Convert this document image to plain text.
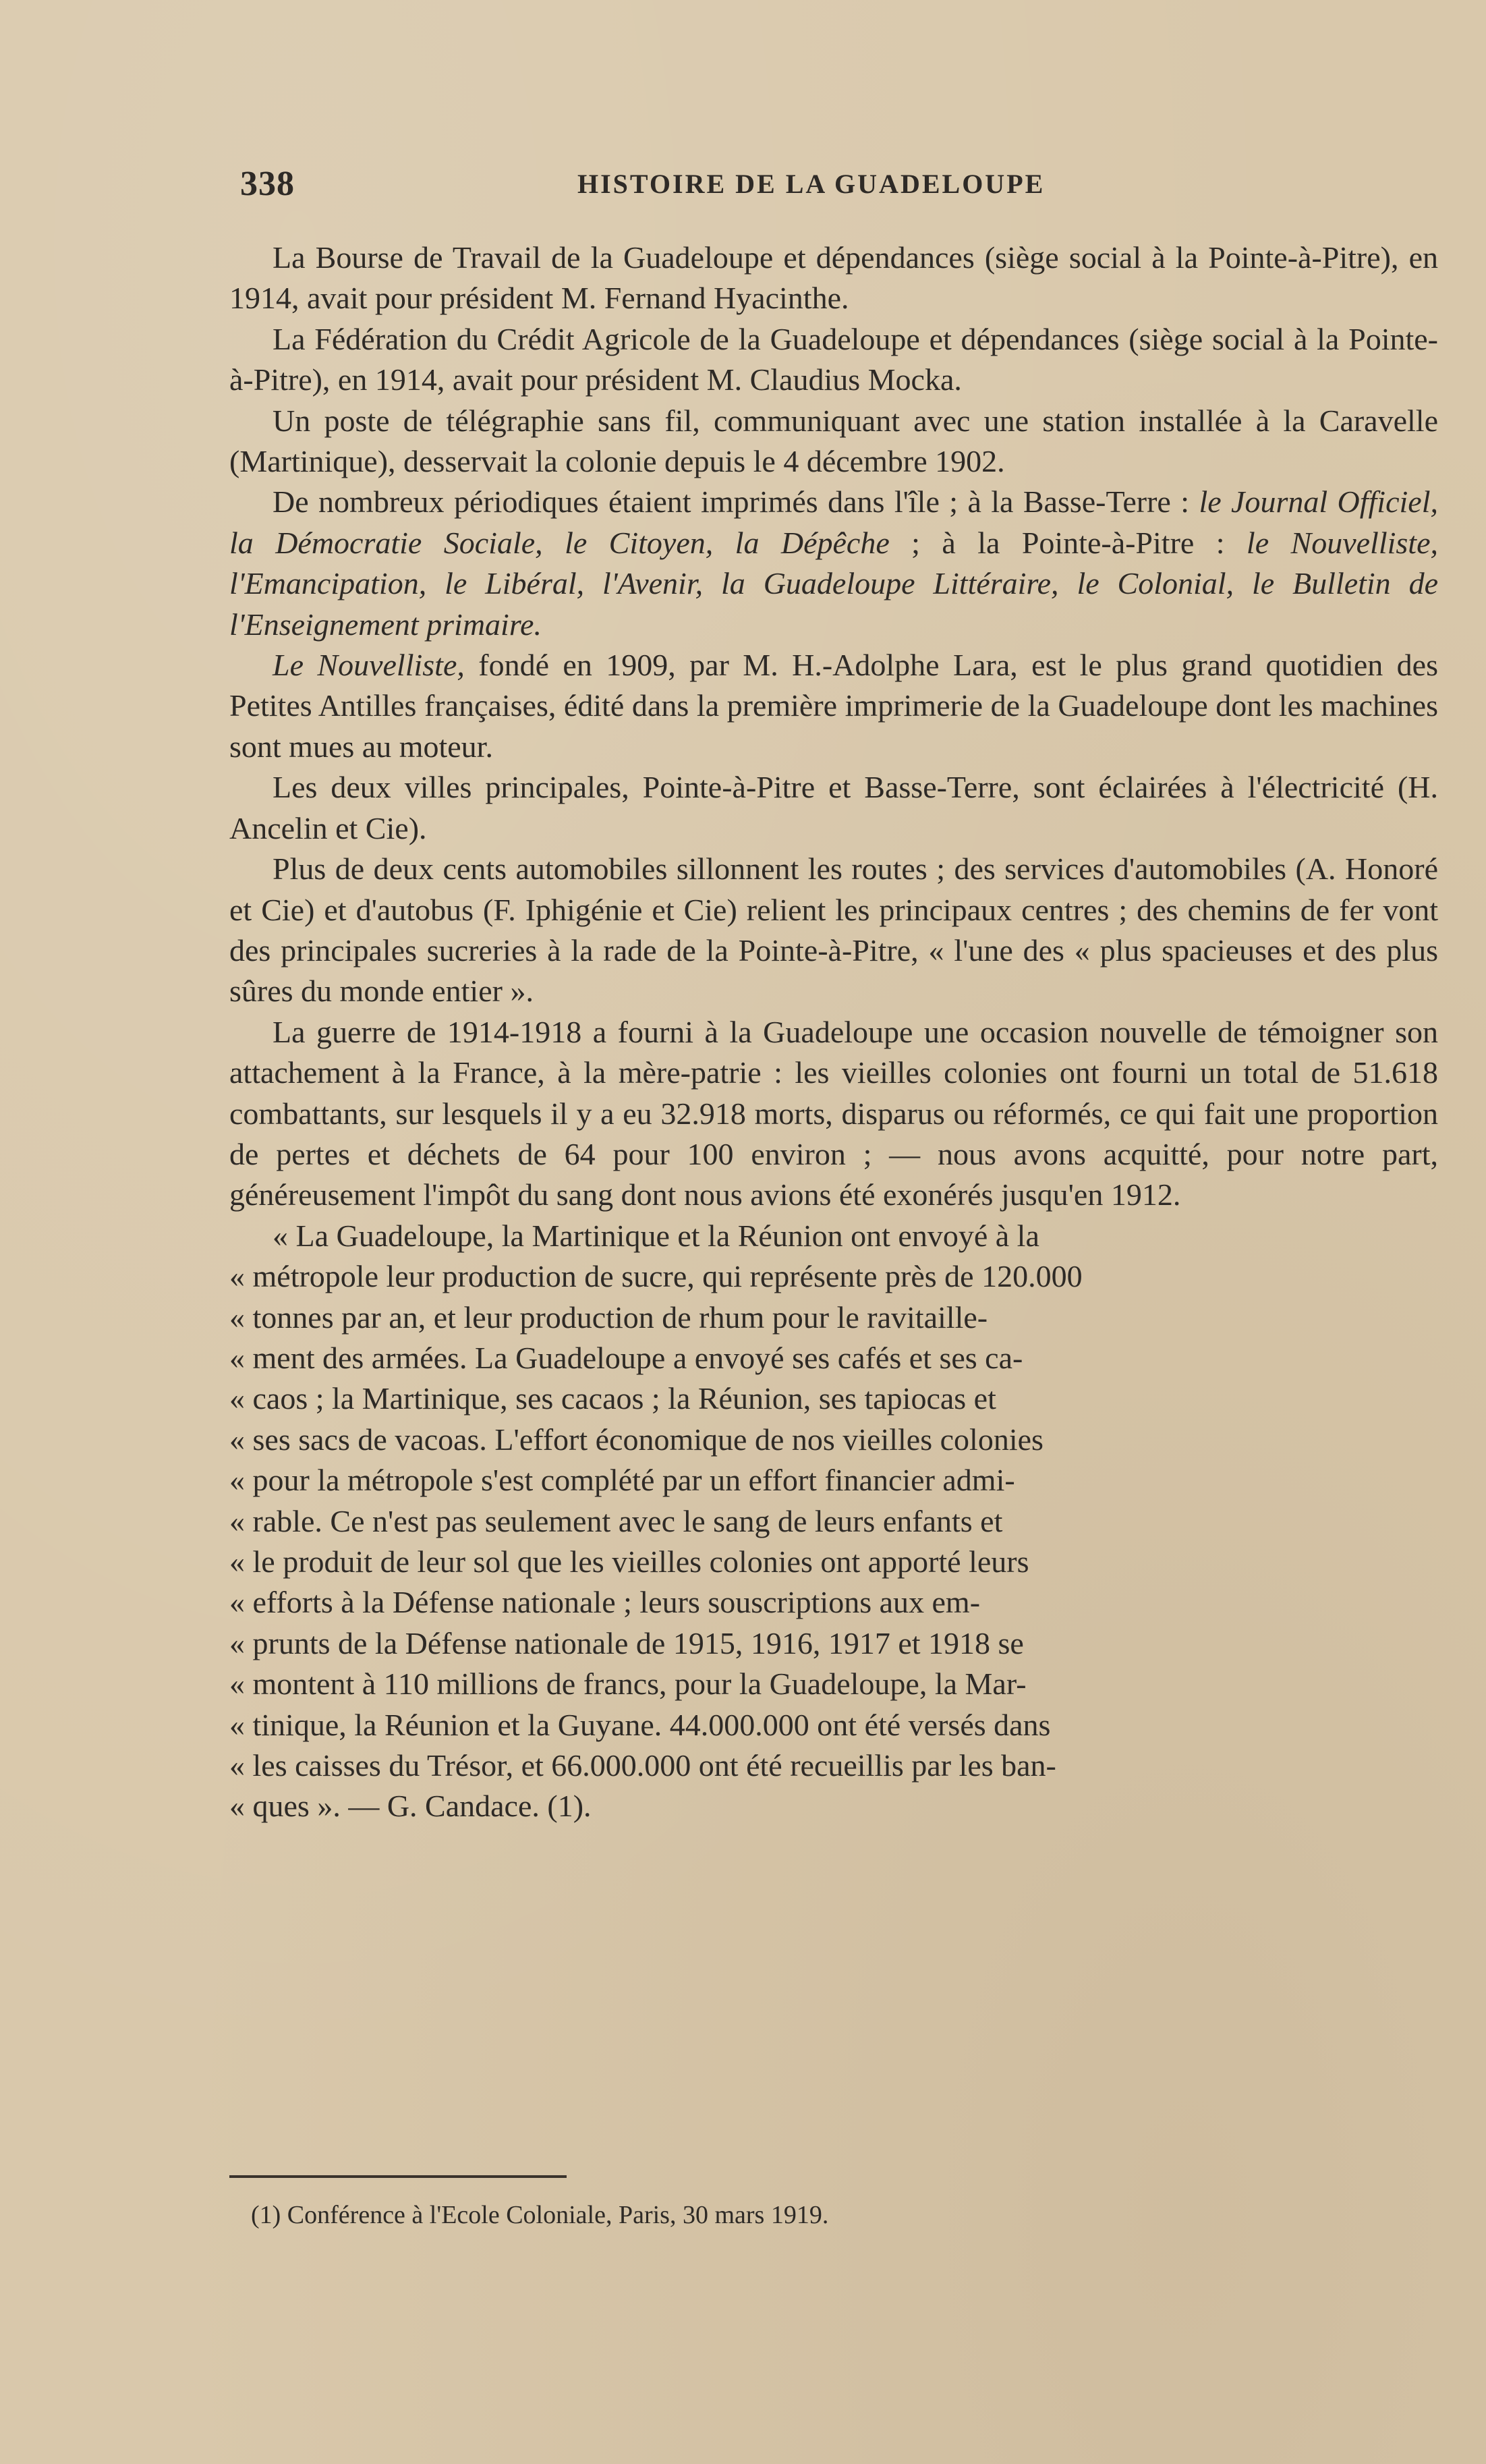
338	HISTOIRE DE LA GUADELOUPE

La Bourse de Travail de la Guadeloupe et dépendances (siège social à la Pointe-à-Pitre), en 1914, avait pour président M. Fernand Hyacinthe.

La Fédération du Crédit Agricole de la Guadeloupe et dépendances (siège social à la Pointe-à-Pitre), en 1914, avait pour président M. Claudius Mocka.

Un poste de télégraphie sans fil, communiquant avec une station installée à la Caravelle (Martinique), desservait la colonie depuis le 4 décembre 1902.

De nombreux périodiques étaient imprimés dans l'île ; à la Basse-Terre : le Journal Officiel, la Démocratie Sociale, le Citoyen, la Dépêche ; à la Pointe-à-Pitre : le Nouvelliste, l'Emancipation, le Libéral, l'Avenir, la Guadeloupe Littéraire, le Colonial, le Bulletin de l'Enseignement primaire.

Le Nouvelliste, fondé en 1909, par M. H.-Adolphe Lara, est le plus grand quotidien des Petites Antilles françaises, édité dans la première imprimerie de la Guadeloupe dont les machines sont mues au moteur.

Les deux villes principales, Pointe-à-Pitre et Basse-Terre, sont éclairées à l'électricité (H. Ancelin et Cie).

Plus de deux cents automobiles sillonnent les routes ; des services d'automobiles (A. Honoré et Cie) et d'autobus (F. Iphigénie et Cie) relient les principaux centres ; des chemins de fer vont des principales sucreries à la rade de la Pointe-à-Pitre, « l'une des « plus spacieuses et des plus sûres du monde entier ».

La guerre de 1914-1918 a fourni à la Guadeloupe une occasion nouvelle de témoigner son attachement à la France, à la mère-patrie : les vieilles colonies ont fourni un total de 51.618 combattants, sur lesquels il y a eu 32.918 morts, disparus ou réformés, ce qui fait une proportion de pertes et déchets de 64 pour 100 environ ; — nous avons acquitté, pour notre part, généreusement l'impôt du sang dont nous avions été exonérés jusqu'en 1912.

« La Guadeloupe, la Martinique et la Réunion ont envoyé à la
« métropole leur production de sucre, qui représente près de 120.000
« tonnes par an, et leur production de rhum pour le ravitaille-
« ment des armées. La Guadeloupe a envoyé ses cafés et ses ca-
« caos ; la Martinique, ses cacaos ; la Réunion, ses tapiocas et
« ses sacs de vacoas. L'effort économique de nos vieilles colonies
« pour la métropole s'est complété par un effort financier admi-
« rable. Ce n'est pas seulement avec le sang de leurs enfants et
« le produit de leur sol que les vieilles colonies ont apporté leurs
« efforts à la Défense nationale ; leurs souscriptions aux em-
« prunts de la Défense nationale de 1915, 1916, 1917 et 1918 se
« montent à 110 millions de francs, pour la Guadeloupe, la Mar-
« tinique, la Réunion et la Guyane. 44.000.000 ont été versés dans
« les caisses du Trésor, et 66.000.000 ont été recueillis par les ban-
« ques ». — G. Candace. (1).

(1) Conférence à l'Ecole Coloniale, Paris, 30 mars 1919.
